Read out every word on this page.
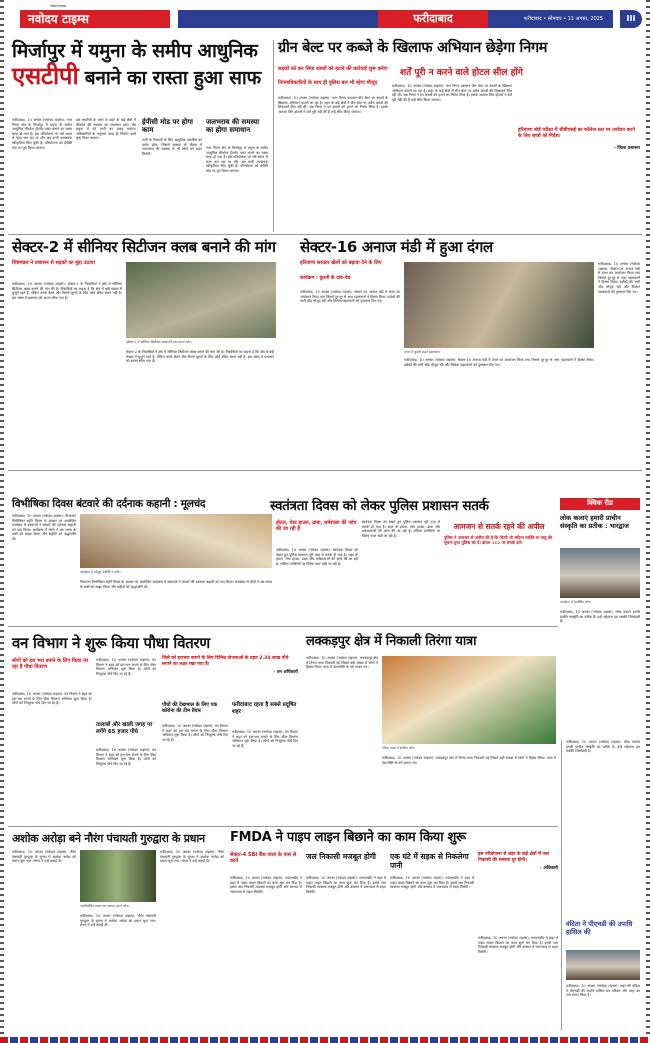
नवोदय टाइम्स
नवोदय टाइम्स	फरीदाबाद	फरीदाबाद • सोमवार • 11 अगस्त, 2025	III
मिर्जापुर में यमुना के समीप आधुनिक
एसटीपी बनाने का रास्ता हुआ साफ
फरीदाबाद, 10 अगस्त (नवोदय टाइम्स): नगर निगम क्षेत्र के मिर्जापुर में यमुना के समीप आधुनिक सीवरेज ट्रीटमेंट प्लांट बनाने का रास्ता साफ हो गया है। इस परियोजना पर लंबे समय से काम चल रहा था और अब सभी आवश्यक स्वीकृतियां मिल चुकी हैं। परियोजना को ईपीसी मोड पर पूरा किया जाएगा।
इस एसटीपी के बनने से शहर के कई क्षेत्रों में सीवरेज की समस्या का समाधान होगा और यमुना में गंदे पानी का प्रवाह रुकेगा। अधिकारियों के अनुसार जल्द ही निर्माण कार्य शुरू किया जाएगा।
ईपीसी मोड पर होगा काम
पानी के निकासी के लिए आधुनिक तकनीक का प्रयोग होगा, जिससे बरसात के मौसम में जलभराव की समस्या से भी लोगों को राहत मिलेगी।
जलभराव की समस्या का होगा समाधान
नगर निगम क्षेत्र के मिर्जापुर में यमुना के समीप आधुनिक सीवरेज ट्रीटमेंट प्लांट बनाने का रास्ता साफ हो गया है। इस परियोजना पर लंबे समय से काम चल रहा था और अब सभी आवश्यक स्वीकृतियां मिल चुकी हैं। परियोजना को ईपीसी मोड पर पूरा किया जाएगा।
ग्रीन बेल्ट पर कब्जे के खिलाफ अभियान छेड़ेगा निगम
सड़कों को कर लिया कब्जों को हटाने की कार्रवाई शुरू करेगा
निगमाधिकारियों के साथ ही पुलिस बल भी रहेगा मौजूद
शर्तें पूरी न करने वाले होटल सील होंगे
फरीदाबाद, 10 अगस्त (नवोदय टाइम्स): नगर निगम प्रशासन ग्रीन बेल्ट पर कब्जों के खिलाफ अभियान चलाने जा रहा है। शहर के कई क्षेत्रों में ग्रीन बेल्ट पर अवैध कब्जों की शिकायतें मिल रही थीं। अब निगम ने इन कब्जों को हटाने का निर्णय लिया है। इसके अलावा जिन होटलों ने शर्तें पूरी नहीं की हैं उन्हें सील किया जाएगा।
फरीदाबाद, 10 अगस्त (नवोदय टाइम्स): नगर निगम प्रशासन ग्रीन बेल्ट पर कब्जों के खिलाफ अभियान चलाने जा रहा है। शहर के कई क्षेत्रों में ग्रीन बेल्ट पर अवैध कब्जों की शिकायतें मिल रही थीं। अब निगम ने इन कब्जों को हटाने का निर्णय लिया है। इसके अलावा जिन होटलों ने शर्तें पूरी नहीं की हैं उन्हें सील किया जाएगा।
हरियाणा बोर्ड परीक्षा में सीबीएसई का कॉलेज स्तर पर आवेदन करने के लिए छात्रों को निर्देश।
- जिला प्रशासन
सेक्टर-2 में सीनियर सिटीजन क्लब बनाने की मांग
शिष्टमंडल ने प्रशासन से सड़कों का मुद्दा उठाया
फरीदाबाद, 10 अगस्त (नवोदय टाइम्स): सेक्टर-2 के निवासियों ने क्षेत्र में सीनियर सिटीजन क्लब बनाने की मांग की है। निवासियों का कहना है कि क्षेत्र में बड़ी संख्या में बुजुर्ग रहते हैं, लेकिन उनके बैठने और मिलने-जुलने के लिए कोई उचित स्थान नहीं है। इस संबंध में प्रशासन को ज्ञापन सौंपा गया है।
सेक्टर-2 में सीनियर सिटीजन क्लब की मांग करते लोग।
सेक्टर-2 के निवासियों ने क्षेत्र में सीनियर सिटीजन क्लब बनाने की मांग की है। निवासियों का कहना है कि क्षेत्र में बड़ी संख्या में बुजुर्ग रहते हैं, लेकिन उनके बैठने और मिलने-जुलने के लिए कोई उचित स्थान नहीं है। इस संबंध में प्रशासन को ज्ञापन सौंपा गया है।
सेक्टर-16 अनाज मंडी में हुआ दंगल
हरियाणा सरकार खेलों को बढ़ावा देने के लिए
कार्यक्रम : कुश्ती के दांव-पेच
फरीदाबाद, 10 अगस्त (नवोदय टाइम्स): सेक्टर-16 अनाज मंडी में दंगल का आयोजन किया गया जिसमें दूर-दूर से आए पहलवानों ने हिस्सा लिया। दर्शकों की भारी भीड़ मौजूद रही और विजेता पहलवानों को पुरस्कार दिए गए।
दंगल में कुश्ती लड़ते पहलवान।
फरीदाबाद, 10 अगस्त (नवोदय टाइम्स): सेक्टर-16 अनाज मंडी में दंगल का आयोजन किया गया जिसमें दूर-दूर से आए पहलवानों ने हिस्सा लिया। दर्शकों की भारी भीड़ मौजूद रही और विजेता पहलवानों को पुरस्कार दिए गए।
फरीदाबाद, 10 अगस्त (नवोदय टाइम्स): सेक्टर-16 अनाज मंडी में दंगल का आयोजन किया गया जिसमें दूर-दूर से आए पहलवानों ने हिस्सा लिया। दर्शकों की भारी भीड़ मौजूद रही और विजेता पहलवानों को पुरस्कार दिए गए।
विभीषिका दिवस बंटवारे की दर्दनाक कहानी : मूलचंद
फरीदाबाद, 10 अगस्त (नवोदय टाइम्स): विभाजन विभीषिका स्मृति दिवस के अवसर पर आयोजित कार्यक्रम में वक्ताओं ने बंटवारे की दर्दनाक कहानी को याद किया। कार्यक्रम में लोगों ने उस समय के कष्टों को साझा किया और शहीदों को श्रद्धांजलि दी।
कार्यक्रम में मौजूद अतिथि व लोग।
विभाजन विभीषिका स्मृति दिवस के अवसर पर आयोजित कार्यक्रम में वक्ताओं ने बंटवारे की दर्दनाक कहानी को याद किया। कार्यक्रम में लोगों ने उस समय के कष्टों को साझा किया और शहीदों को श्रद्धांजलि दी।
स्वतंत्रता दिवस को लेकर पुलिस प्रशासन सतर्क
होटल, गेस्ट हाउस, ढाबा, धर्मशाला की जांच की जा रही है
फरीदाबाद, 10 अगस्त (नवोदय टाइम्स): स्वतंत्रता दिवस को देखते हुए पुलिस प्रशासन पूरी तरह से सतर्क हो गया है। शहर के होटल, गेस्ट हाउस, ढाबा और धर्मशालाओं की जांच की जा रही है। संदिग्ध व्यक्तियों पर विशेष नजर रखी जा रही है।
स्वतंत्रता दिवस को देखते हुए पुलिस प्रशासन पूरी तरह से सतर्क हो गया है। शहर के होटल, गेस्ट हाउस, ढाबा और धर्मशालाओं की जांच की जा रही है। संदिग्ध व्यक्तियों पर विशेष नजर रखी जा रही है।
आमजन से सतर्क रहने की अपील
पुलिस ने आमजन से अपील की है कि किसी भी संदिग्ध व्यक्ति या वस्तु की सूचना तुरंत पुलिस को दें। डायल 112 पर संपर्क करें।
क्विक रीड
लोक कलाएं हमारी प्राचीन संस्कृति का प्रतीक : भारद्वाज
कार्यक्रम में उपस्थित लोग।
फरीदाबाद, 10 अगस्त (नवोदय टाइम्स): लोक कलाएं हमारी प्राचीन संस्कृति का प्रतीक हैं। इन्हें सहेजना हम सबकी जिम्मेदारी है।
वन विभाग ने शुरू किया पौधा वितरण
लोगों को हरा भरा बनाने के लिए किया जा रहा है पौधा वितरण
फरीदाबाद, 10 अगस्त (नवोदय टाइम्स): वन विभाग ने शहर को हरा-भरा बनाने के लिए पौधा वितरण अभियान शुरू किया है। लोगों को निःशुल्क पौधे दिए जा रहे हैं।
फरीदाबाद, 10 अगस्त (नवोदय टाइम्स): वन विभाग ने शहर को हरा-भरा बनाने के लिए पौधा वितरण अभियान शुरू किया है। लोगों को निःशुल्क पौधे दिए जा रहे हैं।
तालाबों और खाली जगह पर लगेंगे 65 हजार पौधे
फरीदाबाद, 10 अगस्त (नवोदय टाइम्स): वन विभाग ने शहर को हरा-भरा बनाने के लिए पौधा वितरण अभियान शुरू किया है। लोगों को निःशुल्क पौधे दिए जा रहे हैं।
जिले को हराभरा बनाने के लिए विभिन्न योजनाओं के तहत 2.30 लाख पौधे लगाने का लक्ष्य रखा गया है।
- वन अधिकारी
पौधों की देखभाल के लिए एक कोरोना की टीम तैयार
फरीदाबाद, 10 अगस्त (नवोदय टाइम्स): वन विभाग ने शहर को हरा-भरा बनाने के लिए पौधा वितरण अभियान शुरू किया है। लोगों को निःशुल्क पौधे दिए जा रहे हैं।
फरीदाबाद रहता है सबसे प्रदूषित शहर
फरीदाबाद, 10 अगस्त (नवोदय टाइम्स): वन विभाग ने शहर को हरा-भरा बनाने के लिए पौधा वितरण अभियान शुरू किया है। लोगों को निःशुल्क पौधे दिए जा रहे हैं।
लक्कड़पुर क्षेत्र में निकाली तिरंगा यात्रा
फरीदाबाद, 10 अगस्त (नवोदय टाइम्स): लक्कड़पुर क्षेत्र में तिरंगा यात्रा निकाली गई जिसमें बड़ी संख्या में लोगों ने हिस्सा लिया। यात्रा में देशभक्ति के नारे लगाए गए।
तिरंगा यात्रा में शामिल लोग।
फरीदाबाद, 10 अगस्त (नवोदय टाइम्स): लक्कड़पुर क्षेत्र में तिरंगा यात्रा निकाली गई जिसमें बड़ी संख्या में लोगों ने हिस्सा लिया। यात्रा में देशभक्ति के नारे लगाए गए।
अशोक अरोड़ा बने नौरंग पंचायती गुरुद्वारा के प्रधान
फरीदाबाद, 10 अगस्त (नवोदय टाइम्स): नौरंग पंचायती गुरुद्वारा के चुनाव में अशोक अरोड़ा को प्रधान चुना गया। संगत ने उन्हें बधाई दी।
नवनिर्वाचित प्रधान का स्वागत करते लोग।
फरीदाबाद, 10 अगस्त (नवोदय टाइम्स): नौरंग पंचायती गुरुद्वारा के चुनाव में अशोक अरोड़ा को प्रधान चुना गया। संगत ने उन्हें बधाई दी।
फरीदाबाद, 10 अगस्त (नवोदय टाइम्स): नौरंग पंचायती गुरुद्वारा के चुनाव में अशोक अरोड़ा को प्रधान चुना गया। संगत ने उन्हें बधाई दी।
FMDA ने पाइप लाइन बिछाने का काम किया शुरू
सेक्टर-4 SBI बैंक वाला के पास से कार्य
फरीदाबाद, 10 अगस्त (नवोदय टाइम्स): एफएमडीए ने शहर में पाइप लाइन बिछाने का काम शुरू कर दिया है। इससे जल निकासी व्यवस्था मजबूत होगी और बरसात में जलभराव से राहत मिलेगी।
जल निकासी मजबूत होगी
फरीदाबाद, 10 अगस्त (नवोदय टाइम्स): एफएमडीए ने शहर में पाइप लाइन बिछाने का काम शुरू कर दिया है। इससे जल निकासी व्यवस्था मजबूत होगी और बरसात में जलभराव से राहत मिलेगी।
एक घंटे में सड़क से निकलेगा पानी
फरीदाबाद, 10 अगस्त (नवोदय टाइम्स): एफएमडीए ने शहर में पाइप लाइन बिछाने का काम शुरू कर दिया है। इससे जल निकासी व्यवस्था मजबूत होगी और बरसात में जलभराव से राहत मिलेगी।
इस परियोजना से शहर के कई क्षेत्रों में जल निकासी की समस्या दूर होगी।
- अधिकारी
फरीदाबाद, 10 अगस्त (नवोदय टाइम्स): एफएमडीए ने शहर में पाइप लाइन बिछाने का काम शुरू कर दिया है। इससे जल निकासी व्यवस्था मजबूत होगी और बरसात में जलभराव से राहत मिलेगी।
वंदिता ने पीएचडी की उपाधि हासिल की
फरीदाबाद, 10 अगस्त (नवोदय टाइम्स): शहर की वंदिता ने पीएचडी की उपाधि हासिल कर परिवार और शहर का नाम रोशन किया है।
फरीदाबाद, 10 अगस्त (नवोदय टाइम्स): लोक कलाएं हमारी प्राचीन संस्कृति का प्रतीक हैं। इन्हें सहेजना हम सबकी जिम्मेदारी है।
